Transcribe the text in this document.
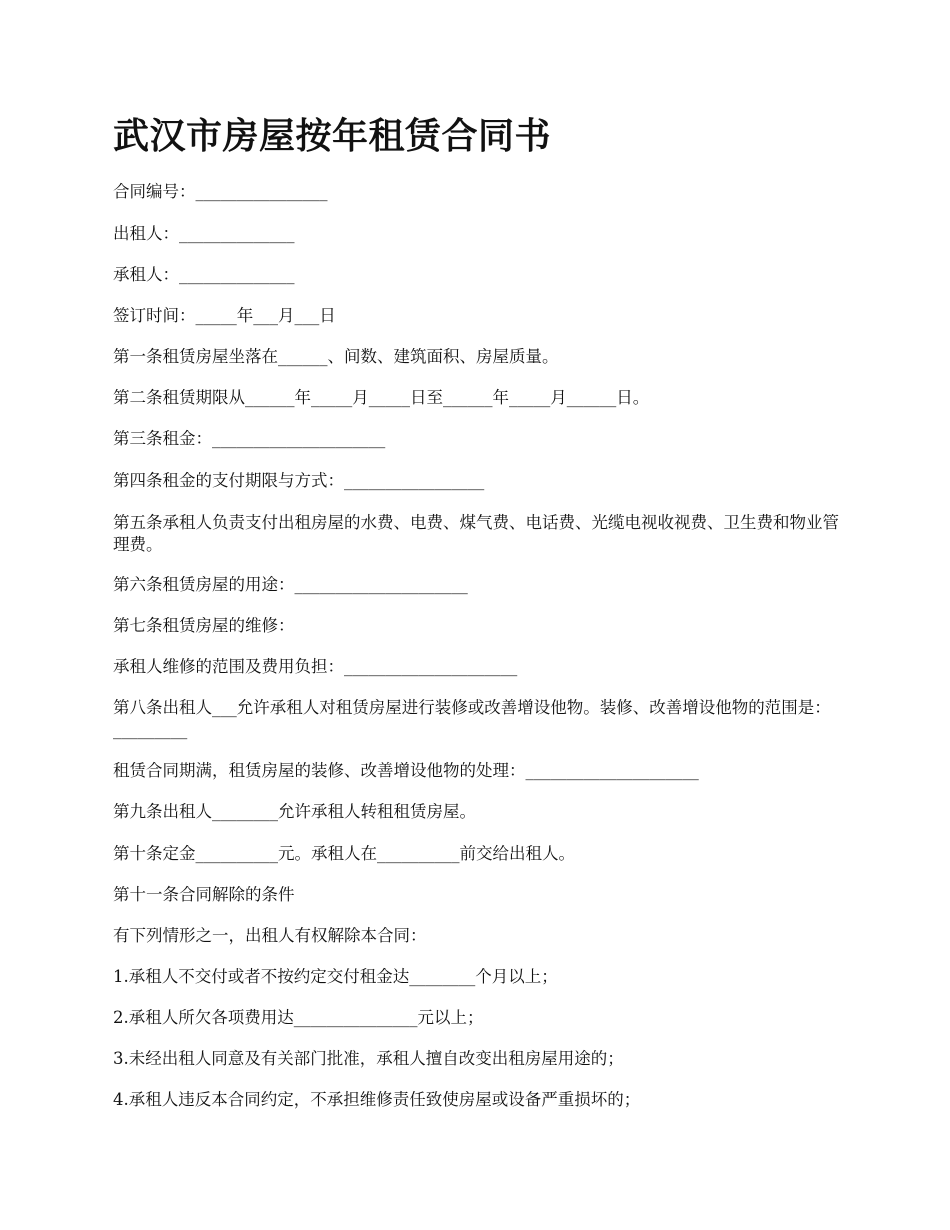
武汉市房屋按年租赁合同书

合同编号：________________

出租人：______________

承租人：______________

签订时间：_____年___月___日

第一条租赁房屋坐落在______、间数、建筑面积、房屋质量。

第二条租赁期限从______年_____月_____日至______年_____月______日。

第三条租金：_____________________

第四条租金的支付期限与方式：_________________

第五条承租人负责支付出租房屋的水费、电费、煤气费、电话费、光缆电视收视费、卫生费和物业管理费。

第六条租赁房屋的用途：_____________________

第七条租赁房屋的维修：

承租人维修的范围及费用负担：_____________________

第八条出租人___允许承租人对租赁房屋进行装修或改善增设他物。装修、改善增设他物的范围是：_________

租赁合同期满，租赁房屋的装修、改善增设他物的处理：_____________________

第九条出租人________允许承租人转租租赁房屋。

第十条定金__________元。承租人在__________前交给出租人。

第十一条合同解除的条件

有下列情形之一，出租人有权解除本合同：

1.承租人不交付或者不按约定交付租金达________个月以上；

2.承租人所欠各项费用达_______________元以上；

3.未经出租人同意及有关部门批准，承租人擅自改变出租房屋用途的；

4.承租人违反本合同约定，不承担维修责任致使房屋或设备严重损坏的；
